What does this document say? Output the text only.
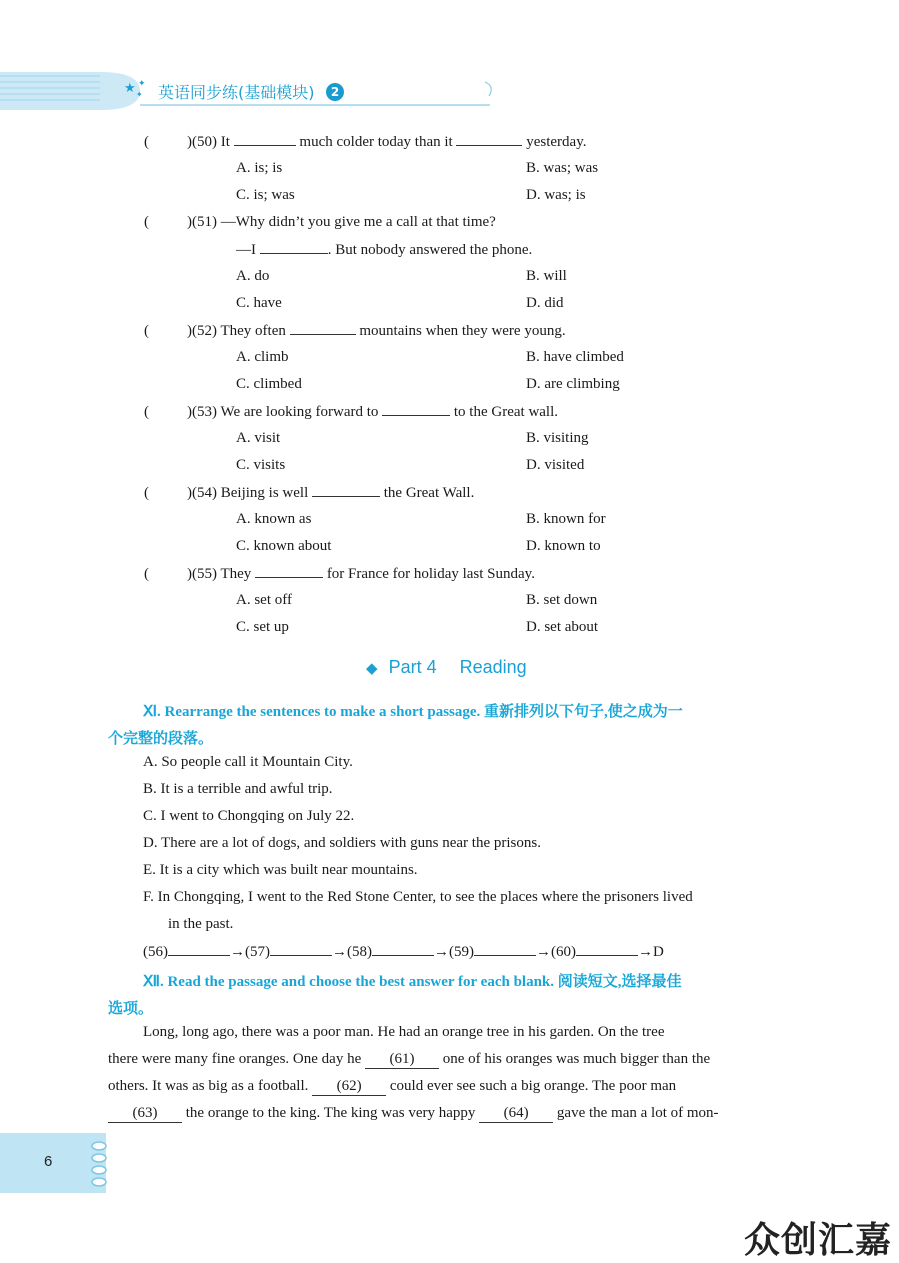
★ ✦
✦ 英语同步练(基础模块)	2
(	)(50) It	much colder today than it	yesterday.
A. is; is	B. was; was
C. is; was	D. was; is
(	)(51) —Why didn’t you give me a call at that time?
—I	. But nobody answered the phone.
A. do	B. will
C. have	D. did
(	)(52) They often	mountains when they were young.
A. climb	B. have climbed
C. climbed	D. are climbing
(	)(53) We are looking forward to	to the Great wall.
A. visit	B. visiting
C. visits	D. visited
(	)(54) Beijing is well	the Great Wall.
A. known as	B. known for
C. known about	D. known to
(	)(55) They	for France for holiday last Sunday.
A. set off	B. set down
C. set up	D. set about
◆ Part 4 Reading
Ⅺ. Rearrange the sentences to make a short passage. 重新排列以下句子,使之成为一
个完整的段落。
A. So people call it Mountain City.
B. It is a terrible and awful trip.
C. I went to Chongqing on July 22.
D. There are a lot of dogs, and soldiers with guns near the prisons.
E. It is a city which was built near mountains.
F. In Chongqing, I went to the Red Stone Center, to see the places where the prisoners lived
in the past.
(56)	→(57)	→(58)	→(59)	→(60)	→D
Ⅻ. Read the passage and choose the best answer for each blank. 阅读短文,选择最佳
选项。
Long, long ago, there was a poor man. He had an orange tree in his garden. On the tree
there were many fine oranges. One day he (61) one of his oranges was much bigger than the
others. It was as big as a football. (62) could ever see such a big orange. The poor man
(63) the orange to the king. The king was very happy (64) gave the man a lot of mon-
6
众创汇嘉
